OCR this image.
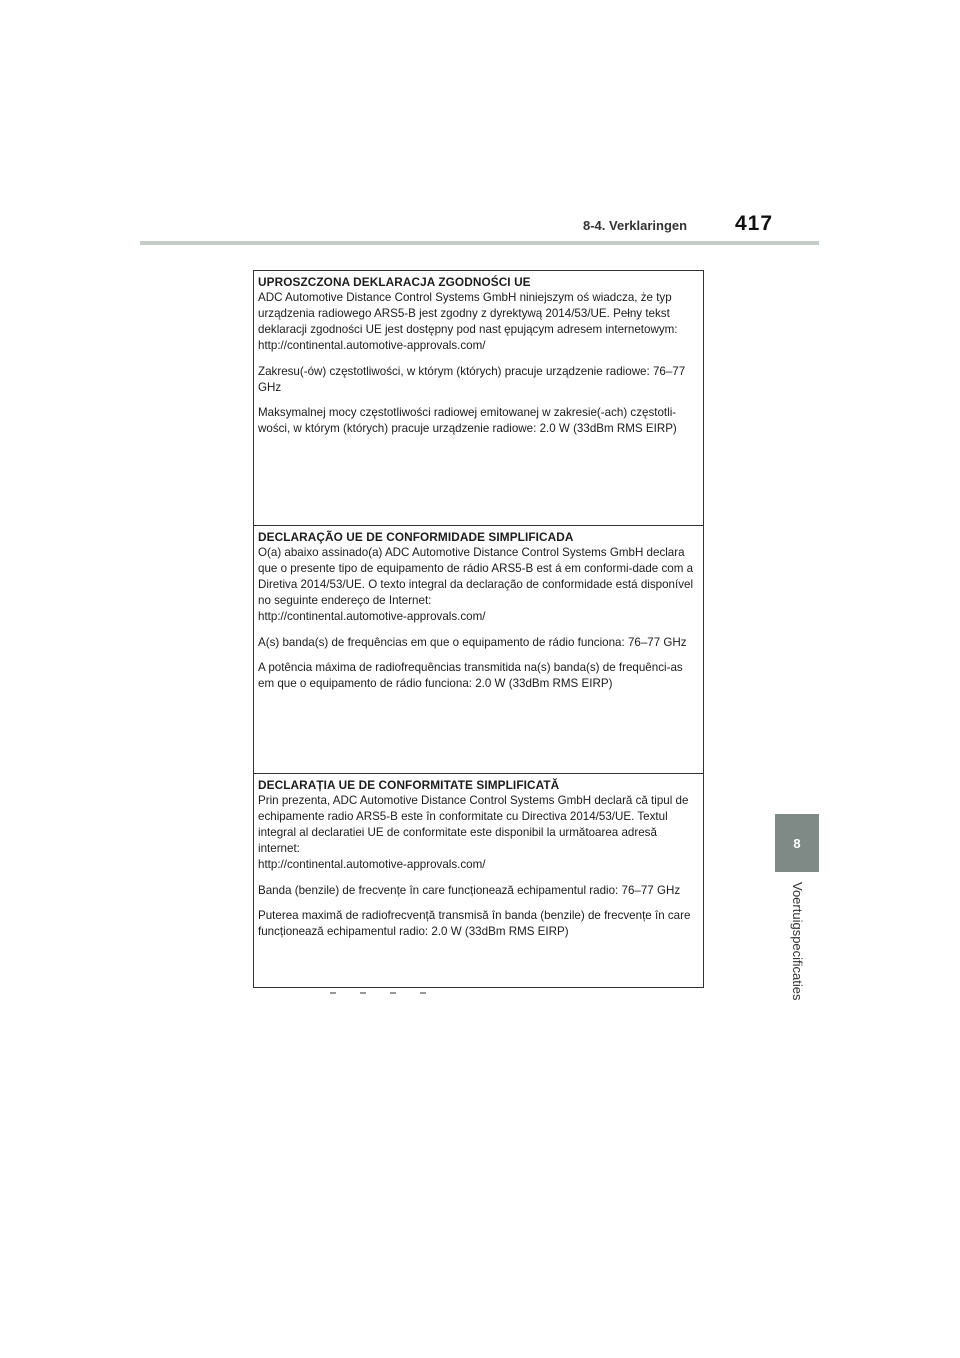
8-4. Verklaringen 417
8
Voertuigspecificaties
UPROSZCZONA DEKLARACJA ZGODNOŚCI UE

ADC Automotive Distance Control Systems GmbH niniejszym oś wiadcza, że typ urządzenia radiowego ARS5-B jest zgodny z dyrektywą 2014/53/UE. Pełny tekst deklaracji zgodności UE jest dostępny pod nast ępującym adresem internetowym:
http://continental.automotive-approvals.com/

Zakresu(-ów) częstotliwości, w którym (których) pracuje urządzenie radiowe: 76–77 GHz

Maksymalnej mocy częstotliwości radiowej emitowanej w zakresie(-ach) częstotli-wości, w którym (których) pracuje urządzenie radiowe: 2.0 W (33dBm RMS EIRP)

DECLARAÇÃO UE DE CONFORMIDADE SIMPLIFICADA

O(a) abaixo assinado(a) ADC Automotive Distance Control Systems GmbH declara que o presente tipo de equipamento de rádio ARS5-B est á em conformi-dade com a Diretiva 2014/53/UE. O texto integral da declaração de conformidade está disponível no seguinte endereço de Internet:
http://continental.automotive-approvals.com/

A(s) banda(s) de frequências em que o equipamento de rádio funciona: 76–77 GHz

A potência máxima de radiofrequências transmitida na(s) banda(s) de frequênci-as em que o equipamento de rádio funciona: 2.0 W (33dBm RMS EIRP)

DECLARAȚIA UE DE CONFORMITATE SIMPLIFICATĂ

Prin prezenta, ADC Automotive Distance Control Systems GmbH declară că tipul de echipamente radio ARS5-B este în conformitate cu Directiva 2014/53/UE. Textul integral al declaratiei UE de conformitate este disponibil la următoarea adresă internet:
http://continental.automotive-approvals.com/

Banda (benzile) de frecvențe în care funcționează echipamentul radio: 76–77 GHz

Puterea maximă de radiofrecvență transmisă în banda (benzile) de frecvențe în care funcționează echipamentul radio: 2.0 W (33dBm RMS EIRP)
